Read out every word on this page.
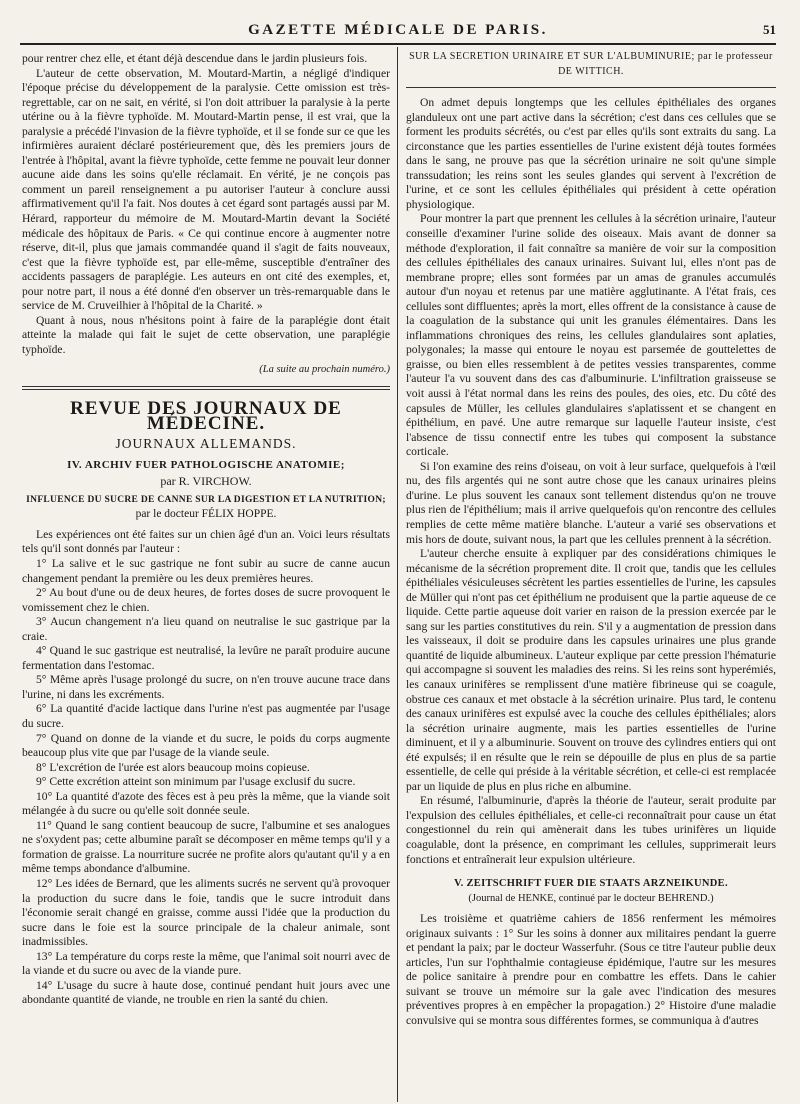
GAZETTE MÉDICALE DE PARIS.	51

pour rentrer chez elle, et étant déjà descendue dans le jardin plusieurs fois.

L'auteur de cette observation, M. Moutard-Martin, a négligé d'indiquer l'époque précise du développement de la paralysie. Cette omission est très-regrettable, car on ne sait, en vérité, si l'on doit attribuer la paralysie à la perte utérine ou à la fièvre typhoïde. M. Moutard-Martin pense, il est vrai, que la paralysie a précédé l'invasion de la fièvre typhoïde, et il se fonde sur ce que les infirmières auraient déclaré postérieurement que, dès les premiers jours de l'entrée à l'hôpital, avant la fièvre typhoïde, cette femme ne pouvait leur donner aucune aide dans les soins qu'elle réclamait. En vérité, je ne conçois pas comment un pareil renseignement a pu autoriser l'auteur à conclure aussi affirmativement qu'il l'a fait. Nos doutes à cet égard sont partagés aussi par M. Hérard, rapporteur du mémoire de M. Moutard-Martin devant la Société médicale des hôpitaux de Paris. « Ce qui continue encore à augmenter notre réserve, dit-il, plus que jamais commandée quand il s'agit de faits nouveaux, c'est que la fièvre typhoïde est, par elle-même, susceptible d'entraîner des accidents passagers de paraplégie. Les auteurs en ont cité des exemples, et, pour notre part, il nous a été donné d'en observer un très-remarquable dans le service de M. Cruveilhier à l'hôpital de la Charité. »

Quant à nous, nous n'hésitons point à faire de la paraplégie dont était atteinte la malade qui fait le sujet de cette observation, une paraplégie typhoïde.

(La suite au prochain numéro.)
REVUE DES JOURNAUX DE MÉDECINE.
JOURNAUX ALLEMANDS.
IV. ARCHIV FUER PATHOLOGISCHE ANATOMIE;
par R. VIRCHOW.
INFLUENCE DU SUCRE DE CANNE SUR LA DIGESTION ET LA NUTRITION;
par le docteur FÉLIX HOPPE.

Les expériences ont été faites sur un chien âgé d'un an. Voici leurs résultats tels qu'il sont donnés par l'auteur :

1° La salive et le suc gastrique ne font subir au sucre de canne aucun changement pendant la première ou les deux premières heures.

2° Au bout d'une ou de deux heures, de fortes doses de sucre provoquent le vomissement chez le chien.

3° Aucun changement n'a lieu quand on neutralise le suc gastrique par la craie.

4° Quand le suc gastrique est neutralisé, la levûre ne paraît produire aucune fermentation dans l'estomac.

5° Même après l'usage prolongé du sucre, on n'en trouve aucune trace dans l'urine, ni dans les excréments.

6° La quantité d'acide lactique dans l'urine n'est pas augmentée par l'usage du sucre.

7° Quand on donne de la viande et du sucre, le poids du corps augmente beaucoup plus vite que par l'usage de la viande seule.

8° L'excrétion de l'urée est alors beaucoup moins copieuse.

9° Cette excrétion atteint son minimum par l'usage exclusif du sucre.

10° La quantité d'azote des fèces est à peu près la même, que la viande soit mélangée à du sucre ou qu'elle soit donnée seule.

11° Quand le sang contient beaucoup de sucre, l'albumine et ses analogues ne s'oxydent pas; cette albumine paraît se décomposer en même temps qu'il y a formation de graisse. La nourriture sucrée ne profite alors qu'autant qu'il y a en même temps abondance d'albumine.

12° Les idées de Bernard, que les aliments sucrés ne servent qu'à provoquer la production du sucre dans le foie, tandis que le sucre introduit dans l'économie serait changé en graisse, comme aussi l'idée que la production du sucre dans le foie est la source principale de la chaleur animale, sont inadmissibles.

13° La température du corps reste la même, que l'animal soit nourri avec de la viande et du sucre ou avec de la viande pure.

14° L'usage du sucre à haute dose, continué pendant huit jours avec une abondante quantité de viande, ne trouble en rien la santé du chien.

SUR LA SÉCRÉTION URINAIRE ET SUR L'ALBUMINURIE; par le professeur DE WITTICH.

On admet depuis longtemps que les cellules épithéliales des organes glanduleux ont une part active dans la sécrétion; c'est dans ces cellules que se forment les produits sécrétés, ou c'est par elles qu'ils sont extraits du sang. La circonstance que les parties essentielles de l'urine existent déjà toutes formées dans le sang, ne prouve pas que la sécrétion urinaire ne soit qu'une simple transsudation; les reins sont les seules glandes qui servent à l'excrétion de l'urine, et ce sont les cellules épithéliales qui président à cette opération physiologique.

Pour montrer la part que prennent les cellules à la sécrétion urinaire, l'auteur conseille d'examiner l'urine solide des oiseaux. Mais avant de donner sa méthode d'exploration, il fait connaître sa manière de voir sur la composition des cellules épithéliales des canaux urinaires. Suivant lui, elles n'ont pas de membrane propre; elles sont formées par un amas de granules accumulés autour d'un noyau et retenus par une matière agglutinante. A l'état frais, ces cellules sont diffluentes; après la mort, elles offrent de la consistance à cause de la coagulation de la substance qui unit les granules élémentaires. Dans les inflammations chroniques des reins, les cellules glandulaires sont aplaties, polygonales; la masse qui entoure le noyau est parsemée de gouttelettes de graisse, ou bien elles ressemblent à de petites vessies transparentes, comme l'auteur l'a vu souvent dans des cas d'albuminurie. L'infiltration graisseuse se voit aussi à l'état normal dans les reins des poules, des oies, etc. Du côté des capsules de Müller, les cellules glandulaires s'aplatissent et se changent en épithélium, en pavé. Une autre remarque sur laquelle l'auteur insiste, c'est l'absence de tissu connectif entre les tubes qui composent la substance corticale.

Si l'on examine des reins d'oiseau, on voit à leur surface, quelquefois à l'œil nu, des fils argentés qui ne sont autre chose que les canaux urinaires pleins d'urine. Le plus souvent les canaux sont tellement distendus qu'on ne trouve plus rien de l'épithélium; mais il arrive quelquefois qu'on rencontre des cellules remplies de cette même matière blanche. L'auteur a varié ses observations et mis hors de doute, suivant nous, la part que les cellules prennent à la sécrétion.

L'auteur cherche ensuite à expliquer par des considérations chimiques le mécanisme de la sécrétion proprement dite. Il croit que, tandis que les cellules épithéliales vésiculeuses sécrètent les parties essentielles de l'urine, les capsules de Müller qui n'ont pas cet épithélium ne produisent que la partie aqueuse de ce liquide. Cette partie aqueuse doit varier en raison de la pression exercée par le sang sur les parties constitutives du rein. S'il y a augmentation de pression dans les vaisseaux, il doit se produire dans les capsules urinaires une plus grande quantité de liquide albumineux. L'auteur explique par cette pression l'hématurie qui accompagne si souvent les maladies des reins. Si les reins sont hyperémiés, les canaux urinifères se remplissent d'une matière fibrineuse qui se coagule, obstrue ces canaux et met obstacle à la sécrétion urinaire. Plus tard, le contenu des canaux urinifères est expulsé avec la couche des cellules épithéliales; alors la sécrétion urinaire augmente, mais les parties essentielles de l'urine diminuent, et il y a albuminurie. Souvent on trouve des cylindres entiers qui ont été expulsés; il en résulte que le rein se dépouille de plus en plus de sa partie essentielle, de celle qui préside à la véritable sécrétion, et celle-ci est remplacée par un liquide de plus en plus riche en albumine.

En résumé, l'albuminurie, d'après la théorie de l'auteur, serait produite par l'expulsion des cellules épithéliales, et celle-ci reconnaîtrait pour cause un état congestionnel du rein qui amènerait dans les tubes urinifères un liquide coagulable, dont la présence, en comprimant les cellules, supprimerait leurs fonctions et entraînerait leur expulsion ultérieure.

V. ZEITSCHRIFT FUER DIE STAATS ARZNEIKUNDE.
(Journal de HENKE, continué par le docteur BEHREND.)

Les troisième et quatrième cahiers de 1856 renferment les mémoires originaux suivants : 1° Sur les soins à donner aux militaires pendant la guerre et pendant la paix; par le docteur Wasserfuhr. (Sous ce titre l'auteur publie deux articles, l'un sur l'ophthalmie contagieuse épidémique, l'autre sur les mesures de police sanitaire à prendre pour en combattre les effets. Dans le cahier suivant se trouve un mémoire sur la gale avec l'indication des mesures préventives propres à en empêcher la propagation.) 2° Histoire d'une maladie convulsive qui se montra sous différentes formes, se communiqua à d'autres
